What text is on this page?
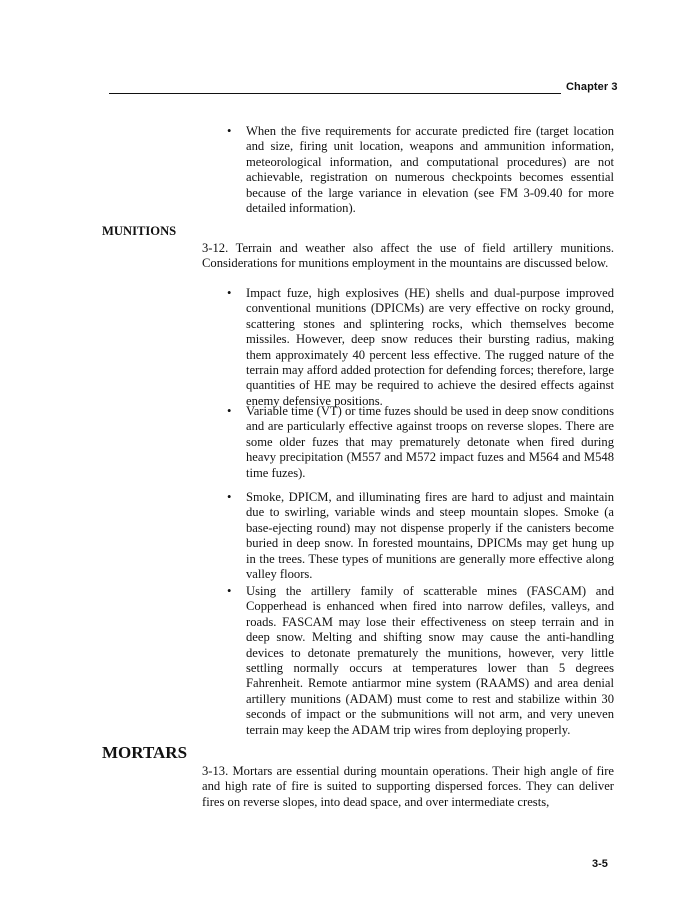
Chapter 3
•	When the five requirements for accurate predicted fire (target location and size, firing unit location, weapons and ammunition information, meteorological information, and computational procedures) are not achievable, registration on numerous checkpoints becomes essential because of the large variance in elevation (see FM 3-09.40 for more detailed information).
MUNITIONS
3-12. Terrain and weather also affect the use of field artillery munitions. Considerations for munitions employment in the mountains are discussed below.
•	Impact fuze, high explosives (HE) shells and dual-purpose improved conventional munitions (DPICMs) are very effective on rocky ground, scattering stones and splintering rocks, which themselves become missiles. However, deep snow reduces their bursting radius, making them approximately 40 percent less effective. The rugged nature of the terrain may afford added protection for defending forces; therefore, large quantities of HE may be required to achieve the desired effects against enemy defensive positions.
•	Variable time (VT) or time fuzes should be used in deep snow conditions and are particularly effective against troops on reverse slopes. There are some older fuzes that may prematurely detonate when fired during heavy precipitation (M557 and M572 impact fuzes and M564 and M548 time fuzes).
•	Smoke, DPICM, and illuminating fires are hard to adjust and maintain due to swirling, variable winds and steep mountain slopes. Smoke (a base-ejecting round) may not dispense properly if the canisters become buried in deep snow. In forested mountains, DPICMs may get hung up in the trees. These types of munitions are generally more effective along valley floors.
•	Using the artillery family of scatterable mines (FASCAM) and Copperhead is enhanced when fired into narrow defiles, valleys, and roads. FASCAM may lose their effectiveness on steep terrain and in deep snow. Melting and shifting snow may cause the anti-handling devices to detonate prematurely the munitions, however, very little settling normally occurs at temperatures lower than 5 degrees Fahrenheit. Remote antiarmor mine system (RAAMS) and area denial artillery munitions (ADAM) must come to rest and stabilize within 30 seconds of impact or the submunitions will not arm, and very uneven terrain may keep the ADAM trip wires from deploying properly.
MORTARS
3-13. Mortars are essential during mountain operations. Their high angle of fire and high rate of fire is suited to supporting dispersed forces. They can deliver fires on reverse slopes, into dead space, and over intermediate crests,
3-5
